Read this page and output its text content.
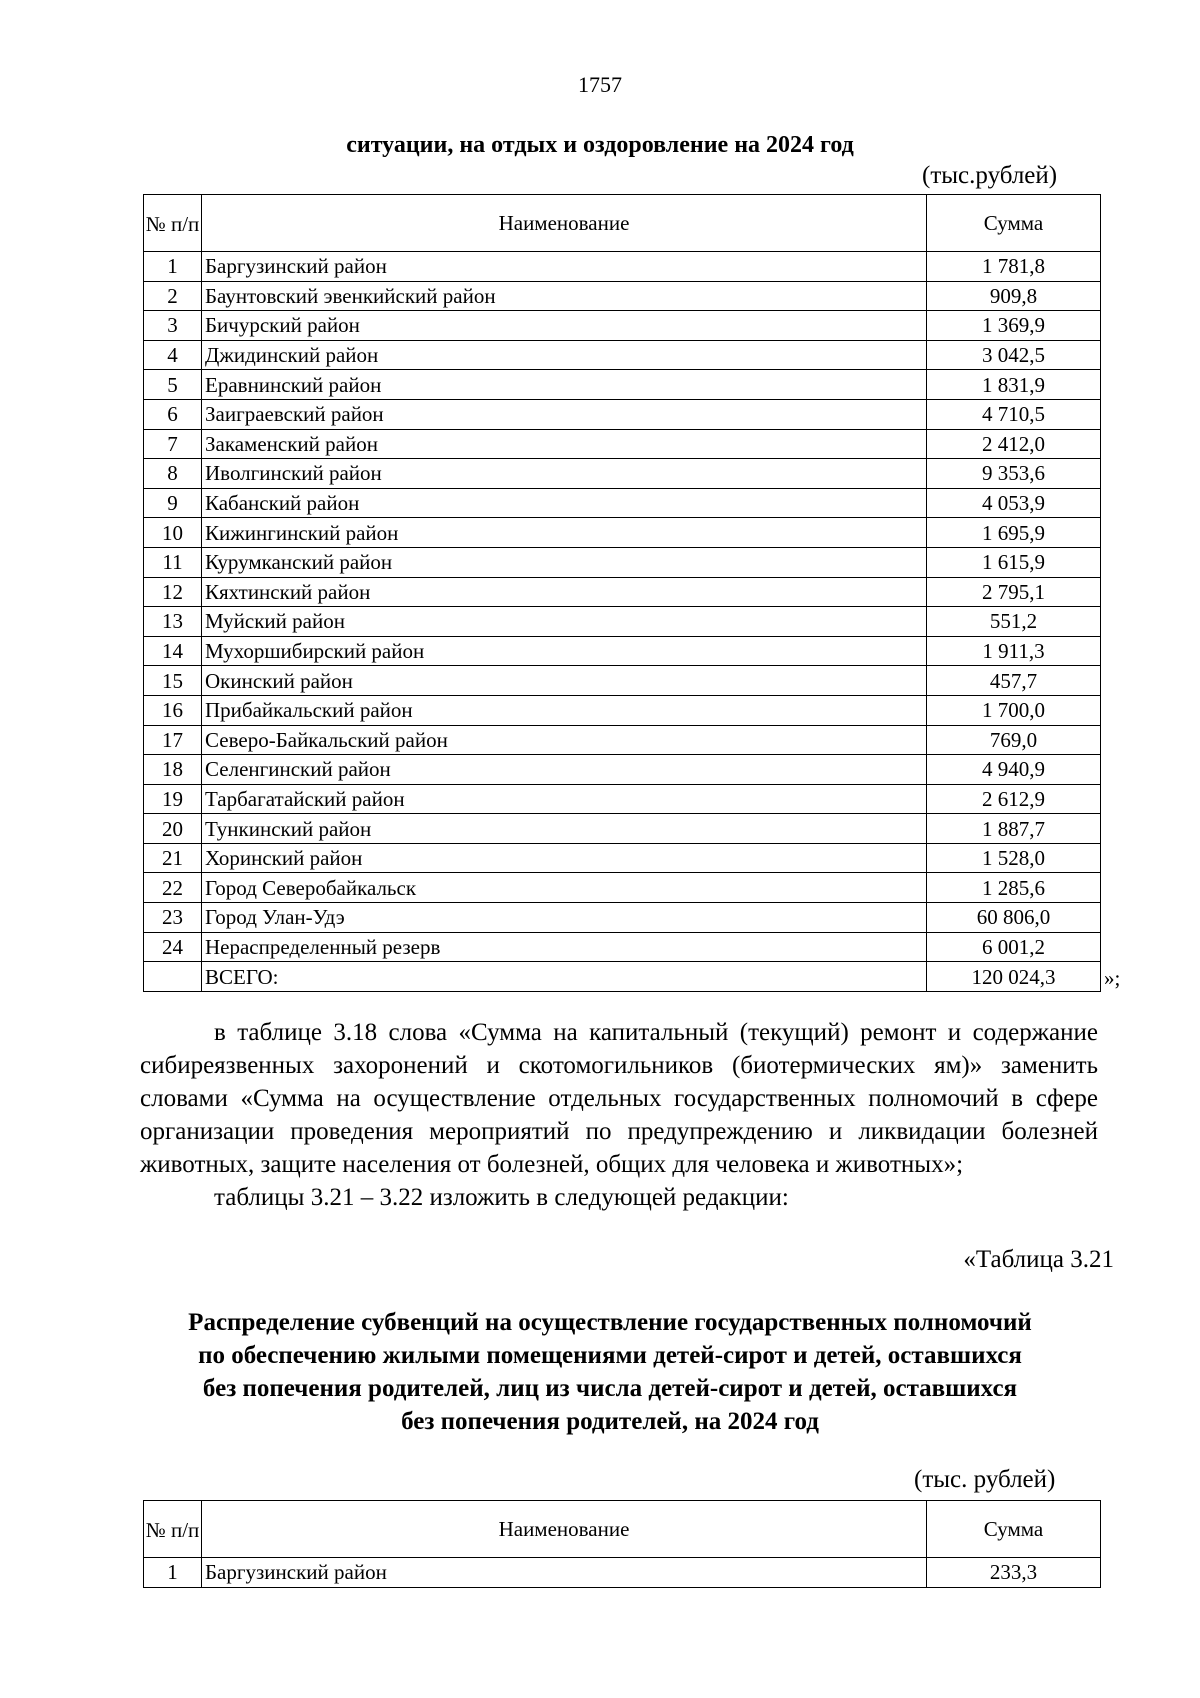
1757
ситуации, на отдых и оздоровление на 2024 год
(тыс.рублей)
№ п/п	Наименование	Сумма
1	Баргузинский район	1 781,8
2	Баунтовский эвенкийский район	909,8
3	Бичурский район	1 369,9
4	Джидинский район	3 042,5
5	Еравнинский район	1 831,9
6	Заиграевский район	4 710,5
7	Закаменский район	2 412,0
8	Иволгинский район	9 353,6
9	Кабанский район	4 053,9
10	Кижингинский район	1 695,9
11	Курумканский район	1 615,9
12	Кяхтинский район	2 795,1
13	Муйский район	551,2
14	Мухоршибирский район	1 911,3
15	Окинский район	457,7
16	Прибайкальский район	1 700,0
17	Северо-Байкальский район	769,0
18	Селенгинский район	4 940,9
19	Тарбагатайский район	2 612,9
20	Тункинский район	1 887,7
21	Хоринский район	1 528,0
22	Город Северобайкальск	1 285,6
23	Город Улан-Удэ	60 806,0
24	Нераспределенный резерв	6 001,2
	ВСЕГО:	120 024,3 »;

в таблице 3.18 слова «Сумма на капитальный (текущий) ремонт и содержание сибиреязвенных захоронений и скотомогильников (биотермических ям)» заменить словами «Сумма на осуществление отдельных государственных полномочий в сфере организации проведения мероприятий по предупреждению и ликвидации болезней животных, защите населения от болезней, общих для человека и животных»;

таблицы 3.21 – 3.22 изложить в следующей редакции:

«Таблица 3.21
Распределение субвенций на осуществление государственных полномочий
по обеспечению жилыми помещениями детей-сирот и детей, оставшихся
без попечения родителей, лиц из числа детей-сирот и детей, оставшихся
без попечения родителей, на 2024 год
(тыс. рублей)
№ п/п	Наименование	Сумма
1	Баргузинский район	233,3
